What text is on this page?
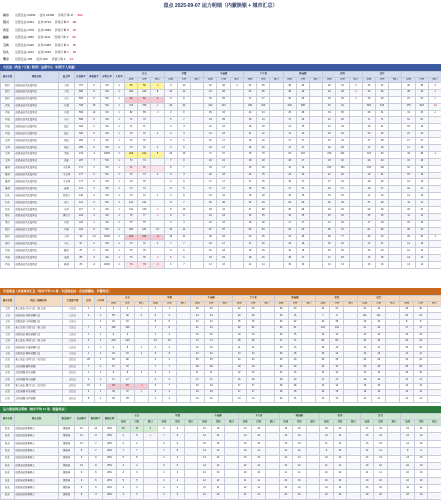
盘点 2025-09-07 运力明细（内蒙陕银 + 城市汇总）
城市 运营总站 22654 在岗 24459 异常订单 17 204
银川 运营总站 8464 在岗 9723 异常订单 5 38
西安 运营总站 2378 在岗 2983 异常订单 5 42
榆林 运营总站 3050 在岗 4111 异常订单 3 39
宝鸡 运营总站 5429 在岗 6484 异常订单 2 35
包头 运营总站 1913 在岗 2232 异常订单 1 36
鄂市 运营总站 436 在岗 926 异常订单 1 14
大区站（西北 / 宁夏 / 陕西）运营中心（时段千人单量）
城市名称	网格名称	站点ID	在岗骑手	饱和骑手	异常订单	人均单	全天			早餐			午高峰			下午茶			晚高峰			夜宵			总计					
							达成	目标	缺口	达成	目标	缺口	达成	目标	缺口	达成	目标	缺口	达成	目标	缺口	达成	目标	缺口	达成	目标	缺口	达成	目标	缺口
银川	成都南站西北直营站	金凤	707	6	4%	1	56	58	-2	8	10		42	46	-4	22	25		48	49		22	31	-9	34	41		30	35	-5
银川	成都南站西北直营站	金凤	650	5	3%	1	240	232	8	14	12		44	66		53	56		48	49		19	28	-9	30	36		28	32	-4
银川	成都南站西北直营站	兴庆	593	8	5%	1	54	52	2	6	8		33	35		17	17		30	29		18	20	-2	26	30		21	22	-1
西安	成都南站西北直营站	东部	728	15	5%	1	724	725	-1	46	44		212	213		156	153		202	208		32	31		662	672		476	524	-48
西安	成都南站西北直营站	东部	599	12	4%	1	82	85	-3	2	8		35	43		40	44		25	28		34	35		26	31		31	33	-2
西安	成都东站西北直营站	兴庆	595	9	3%	1	72	72		5	7		23	25		16	13		17	19		12	18		71	71		51	51	
西安	成都南站东站直营站	曲江	343	6	3%	1	71	71		4	4		16	16		18	19		14	15		14	19		29	31		15	16	
西安	成都南站东站直营站	曲江	330	5	3%	1	76	72	4	3	3		21	23		11	12		11	13		19	22		23	24		21	23	
宝鸡	成都南站西北直营站	城北	290	4	2%	1	70	70		4	6		15	17		15	16		17	17		15	19		27	28		17	17	
宝鸡	成都南站西北直营站	城东	289	5	3%	1	73	72	1	5	5		16	17		16	16		17	17		22	26		17	18		17	19	
宝鸡	成都南站西北直营站	渭滨	214	-1	100%	1	229	224	5	23	26		71	67		76	79		64	104		232	221		103	94		44	46	-2
宝鸡	成都南站西北直营站	高新	207	7	5%	1	74	74		7	8		20	21		18	18		18	17		18	18		19	20		15	16	
榆林	成都南站西北直营站	王家园	171	4	4%	1	71	71		8	7		16	17		15	16		13	16		154	154		104	111		10	10	
榆林	成都南站西北直营站	王家园	177	6	5%	1	76	74	2	4	4		20	22		14	15		16	16		12	16		19	21		15	16	
榆林	成都南站西北直营站	王家园	177	6	4%	1	79	79		6	6		17	17		17	15		16	17		17	19		18	20		13	14	
榆林	成都南站西北直营站	麻黄	171	3	3%	1	74	74		6	5		17	17		15	15		17	17		16	17		16	17		10	11	
包头	成都南站西北直营站	昆都仑	140	4	3%	1	73	72	1	4	6		16	16		18	18		16	15		15	15		14	14		12	12	
包头	成都南站西北直营站	青山	121	5	5%	1	141	141		8	7		45	48		32	33		29	29		32	32		37	39		11	11	
包头	成都南站西北直营站	东河	117	4	4%	1	131	133	-2	8	10		39	41		27	28		25	26		19	22		20	22		20	21	
鄂市	成都南站西北直营站	康巴什	104	3	3%	1	76	77	-1	5	6		16	16		15	15		15	15		15	16		15	15		11	11	
鄂市	成都南站西北直营站	东胜	103	4	4%	1	75	75		4	4		15	16		18	18		17	17		14	15		17	18		15	15	
银川	成都南站东北直营站	西夏	102	5	5%	1	244	231	13	12	12		87	87		59	63		23	23		96	97		61	60		30	31	
银川	成都南站西北直营站	金凤	99	-13	100%	1	226	244	-18	19	21		48	53		43	45		42	48		68	77		39	44		29	33	-4
银川	成都南站西北直营站	兴庆	97	2	3%	1	73	72	1	7	7		16	17		17	16		16	16		15	15		17	17		14	14	
西安	成都南站西北直营站	雁塔	87	5	6%	1	75	75		6	6		16	18		15	15		16	16		15	16		15	15		14	14	
西安	成都南站西北直营站	莲湖	85	3	4%	1	76	78	-2	5	6		15	15		16	16		18	17		17	18		14	15		13	13	
西安	成都南站西北直营站	碑林	83	-2	100%	1	73	76	-3	6	7		13	16		14	14		15	16		13	13		16	16		12	12	
专送商业 / 众包城市汇总（城市平均 14 单 · 专送商业站 · 众包商圈站 · 早餐网点）
城市名称	网点 / 商圈名称	专送骑手数	在岗	人均单	全天			早餐			午高峰			下午茶			晚高峰			夜宵			总计					
					达成	目标	缺口	达成	目标	缺口	达成	目标	缺口	达成	目标	缺口	达成	目标	缺口	达成	目标	缺口	达成	目标	缺口	达成	目标	缺口
专送	新人成长-兴庆门店（新专送）	专送点	1	1	2	3	-1	1	1		20	20		22	23		29	30		21	21		41	41		40	40	
专送	成都南站-高新商圈门店	专送点	4	1	55	52	3	5	4		24	24		29	30		16	16		7	8		111	111		23	23	
专送	成都南站-金凤商圈门店	专送点		1	16	16		5	5		12	13		15	15		32	32		42	45		10	10		8	8	
专送	新人出发-金凤门店（新专送）	专送点	7	1	136	136		7	8		41	43		52	52		40	41		123	124		21	22		17	17	
专送	成都南站-雁塔商圈门店	专送点	1	1	9	9		4	4		12	12		13	13		15	15		12	12		14	14		12	12	
专送	新人成长-西夏门店（新专送）	专送点	3	1	240	240		19	19		74	74		35	35		71	71		82	82		33	33		24	24	
专送	成都南站-东部商圈门店	专送点	1	1	9	8	1	4	4		12	12		11	11		13	13		16	16		11	11		10	10	
专送	成都南站-碑林商圈门店	专送点	1	1	16	15	1	5	5		12	12		14	14		16	16		13	13		12	12		11	11	
众包	新人成长-宝鸡门店（众包站）	众包点	28	1	90	90		4	4		30	30		24	24		30	30		30	30		26	26		24	24	
众包	众包商圈-榆林商圈	众包点	7	1	97	97		7	7		28	28		19	19		29	29		32	32		25	25		25	25	
众包	众包商圈-包头商圈	众包点	1	1	9	8	1	4	4		11	11		12	12		13	13		12	12		13	13		10	10	
众包	众包商圈-鄂市商圈	众包点	2	1	17	17		4	4		17	17		16	16		19	19		17	17		12	12		11	11	
众包	新人成长-银川门店（众包站）	众包点	18	1	53	57	-4	5	7		23	24		17	17		26	28		14	14		15	15		14	14	
众包	众包商圈-西安商圈	众包点	4	1	36	37	-1	4	4		18	18		17	17		18	18		16	16		13	13		12	12	
众包	众包商圈-宝鸡商圈	众包点	9	1	25	25		4	4		13	13		14	14		16	16		13	13		11	11		11	11	
运力储备网点明细（城市平均 11 单 · 储备网点）
城市名称	网点名称	配送骑手	在岗骑手	饱和骑手	储备比例	全天			早餐			午高峰			下午茶			晚高峰			夜宵			总计					
						达成	目标	缺口	达成	目标	缺口	达成	目标	缺口	达成	目标	缺口	达成	目标	缺口	达成	目标	缺口	达成	目标	缺口	达成	目标	缺口
陕北	成都南站储备网点	现储备	10	-14	20%	20	16	4	6	6		16	16		14	15		18	18		19	21		17	19		19	21	
陕北	成都南站储备网点	现储备	12	-9	25%	4	5	-1	7	8		12	14		13	13		13	13		13	14		13	13		12	12	
陕北	成都南站储备网点	现储备	10	-7	32%	4	4		6	6		16	16		13	13		13	13		11	11		13	13		12	12	
陕北	成都南站储备网点	现储备	8	-7	32%	7	7		7	8		13	13		10	11		12	12		9	10		11	11		9	9	
陕北	成都南站储备网点	现储备	9	-6	20%	5	5		2	3		14	14		13	13		14	14		13	13		13	13		13	13	
陕北	成都南站储备网点	现储备	10	-6	25%	4	4		6	6		12	12		12	12		12	12		11	11		10	10		10	10	
陕北	成都南站储备网点	现储备	9	-5	20%	3	3		2	4		10	10		10	10		11	11		10	10		11	11		10	10	
陕北	成都南站储备网点	现储备	9	-5	20%	5	5		2	4		12	12		11	11		10	10		10	10		10	10		10	10	
陕北	成都南站储备网点	现储备	8	-5	20%	4	4		2	3		11	11		12	12		12	12		12	12		10	10		11	11	
陕北	成都南站储备网点	现储备	8	-4	20%	3	3		3	3		12	12		11	11		10	10		10	10		10	10		10	10	
